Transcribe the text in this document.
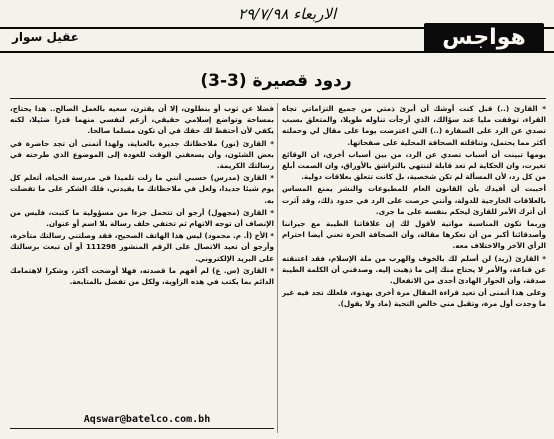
الاربعاء ٢٩/٧/٩٨
عقيل سوار	هواجس
ردود قصيرة (3-3)

* القارئ (..) قبل كنت أوشك أن أبرئ ذمتي من جميع التزاماتي تجاه القراء، توقفت مليا عند سؤالك، الذي أرجأت تناوله طويلا، والمتعلق بسبب تصدي عن الرد على السفارة (..) التي اعترضت يوما على مقال لي وحملته أكثر مما يحتمل، وتناقلته الصحافة المحلية على صفحاتها.

يومها تبينت أن أسباب تصدي عن الرد، من بين أسباب أخرى، ان الوقائع تغيرت، وان الحكاية لم تعد قابلة لتنتهي بالتراشق بالأوراق، وان الصمت أبلغ من كل رد، لأن المسألة لم تكن شخصية، بل كانت تتعلق بعلاقات دولية.

أحببت أن أفيدك بأن القانون العام للمطبوعات والنشر يمنع المساس بالعلاقات الخارجية للدولة، وأنني حرصت على الرد في حدود ذلك، وقد آثرت أن أترك الأمر للقارئ ليحكم بنفسه على ما جرى.

وربما تكون المناسبة مواتية لأقول لك إن علاقاتنا الطيبة مع جيراننا وأصدقائنا أكبر من أن تعكرها مقالة، وأن الصحافة الحرة تعني أيضا احترام الرأي الآخر والاختلاف معه.

* القارئ (زيد) لن أسلم لك بالخوف والهرب من ملة الإسلام، فقد اعتنقته عن قناعة، والأمر لا يحتاج منك إلى ما ذهبت إليه. وصدقني أن الكلمة الطيبة صدقة، وأن الحوار الهادئ أجدى من الانفعال.

وعلى هذا أتمنى أن تعيد قراءة المقال مرة أخرى بهدوء، فلعلك تجد فيه غير ما وجدت أول مرة، وتقبل مني خالص التحية (ماد ولا يقول).

فضلا عن ثوب أو بنطلون، إلا أن يقترن، سعيه بالعمل الصالح.. هذا يحتاج، بمساحة وتواضع إسلامي حقيقي، أزعم لنفسي منهما قدرا ضئيلا، لكنه يكفي لأن أحتفظ لك حقك في أن تكون مسلما صالحا.

* القارئ (نور) ملاحظاتك جديرة بالعناية، ولهذا أتمنى أن تجد حاضرة في بعض الشئون، وأن يسعفني الوقت للعودة إلى الموضوع الذي طرحته في رسالتك الكريمة.

* القارئ (مدرس) حسبي أنني ما زلت تلميذا في مدرسة الحياة، أتعلم كل يوم شيئا جديدا، ولعل في ملاحظاتك ما يفيدني، فلك الشكر على ما تفضلت به.

* القارئ (مجهول) أرجو أن تتحمل جزءا من مسؤولية ما كتبت، فليس من الإنصاف أن توجه الاتهام ثم تختفي خلف رسالة بلا اسم أو عنوان.

* الأخ (أ. م. محمود) ليس هذا الهاتف الصحيح، فقد وصلتني رسالتك متأخرة، وأرجو أن تعيد الاتصال على الرقم المنشور 111298 أو أن تبعث برسالتك على البريد الإلكتروني.

* القارئ (س. ع) لم أفهم ما قصدته، فهلا أوضحت أكثر، وشكرا لاهتمامك الدائم بما يكتب في هذه الزاوية، ولكل من تفضل بالمتابعة.

Aqswar@batelco.com.bh
